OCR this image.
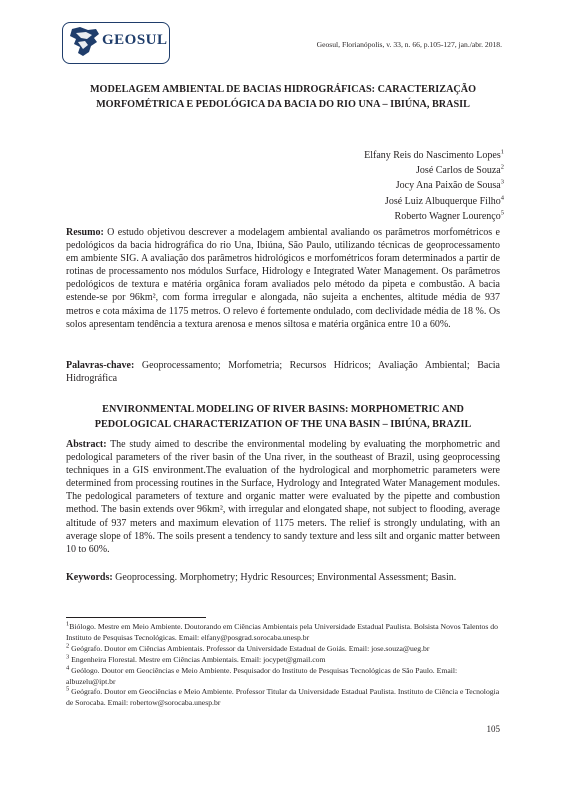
GEOSUL	Geosul, Florianópolis, v. 33, n. 66, p.105-127, jan./abr. 2018.
MODELAGEM AMBIENTAL DE BACIAS HIDROGRÁFICAS: CARACTERIZAÇÃO MORFOMÉTRICA E PEDOLÓGICA DA BACIA DO RIO UNA – IBIÚNA, BRASIL
Elfany Reis do Nascimento Lopes$^1$
José Carlos de Souza$^2$
Jocy Ana Paixão de Sousa$^3$
José Luiz Albuquerque Filho$^4$
Roberto Wagner Lourenço$^5$
Resumo: O estudo objetivou descrever a modelagem ambiental avaliando os parâmetros morfométricos e pedológicos da bacia hidrográfica do rio Una, Ibiúna, São Paulo, utilizando técnicas de geoprocessamento em ambiente SIG. A avaliação dos parâmetros hidrológicos e morfométricos foram determinados a partir de rotinas de processamento nos módulos Surface, Hidrology e Integrated Water Management. Os parâmetros pedológicos de textura e matéria orgânica foram avaliados pelo método da pipeta e combustão. A bacia estende-se por 96km², com forma irregular e alongada, não sujeita a enchentes, altitude média de 937 metros e cota máxima de 1175 metros. O relevo é fortemente ondulado, com declividade média de 18 %. Os solos apresentam tendência a textura arenosa e menos siltosa e matéria orgânica entre 10 a 60%.
Palavras-chave: Geoprocessamento; Morfometria; Recursos Hídricos; Avaliação Ambiental; Bacia Hidrográfica
ENVIRONMENTAL MODELING OF RIVER BASINS: MORPHOMETRIC AND PEDOLOGICAL CHARACTERIZATION OF THE UNA BASIN – IBIÚNA, BRAZIL
Abstract: The study aimed to describe the environmental modeling by evaluating the morphometric and pedological parameters of the river basin of the Una river, in the southeast of Brazil, using geoprocessing techniques in a GIS environment.The evaluation of the hydrological and morphometric parameters were determined from processing routines in the Surface, Hydrology and Integrated Water Management modules. The pedological parameters of texture and organic matter were evaluated by the pipette and combustion method. The basin extends over 96km², with irregular and elongated shape, not subject to flooding, average altitude of 937 meters and maximum elevation of 1175 meters. The relief is strongly undulating, with an average slope of 18%. The soils present a tendency to sandy texture and less silt and organic matter between 10 to 60%.
Keywords: Geoprocessing. Morphometry; Hydric Resources; Environmental Assessment; Basin.
$^1$Biólogo. Mestre em Meio Ambiente. Doutorando em Ciências Ambientais pela Universidade Estadual Paulista. Bolsista Novos Talentos do Instituto de Pesquisas Tecnológicas. Email: elfany@posgrad.sorocaba.unesp.br
$^2$ Geógrafo. Doutor em Ciências Ambientais. Professor da Universidade Estadual de Goiás. Email: jose.souza@ueg.br
$^3$ Engenheira Florestal. Mestre em Ciências Ambientais. Email: jocypet@gmail.com
$^4$ Geólogo. Doutor em Geociências e Meio Ambiente. Pesquisador do Instituto de Pesquisas Tecnológicas de São Paulo. Email: albuzelu@ipt.br
$^5$ Geógrafo. Doutor em Geociências e Meio Ambiente. Professor Titular da Universidade Estadual Paulista. Instituto de Ciência e Tecnologia de Sorocaba. Email: robertow@sorocaba.unesp.br
105
